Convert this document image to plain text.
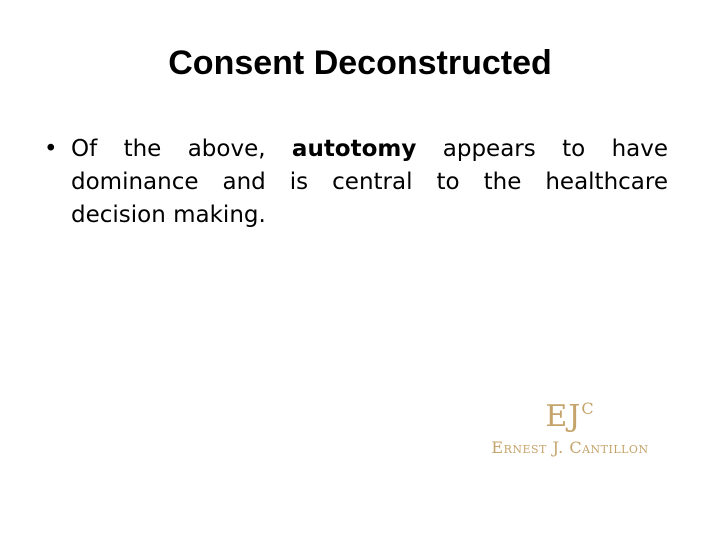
Consent Deconstructed
• Of the above, autotomy appears to have dominance and is central to the healthcare decision making.
$EJ^C$
Ernest J. Cantillon
